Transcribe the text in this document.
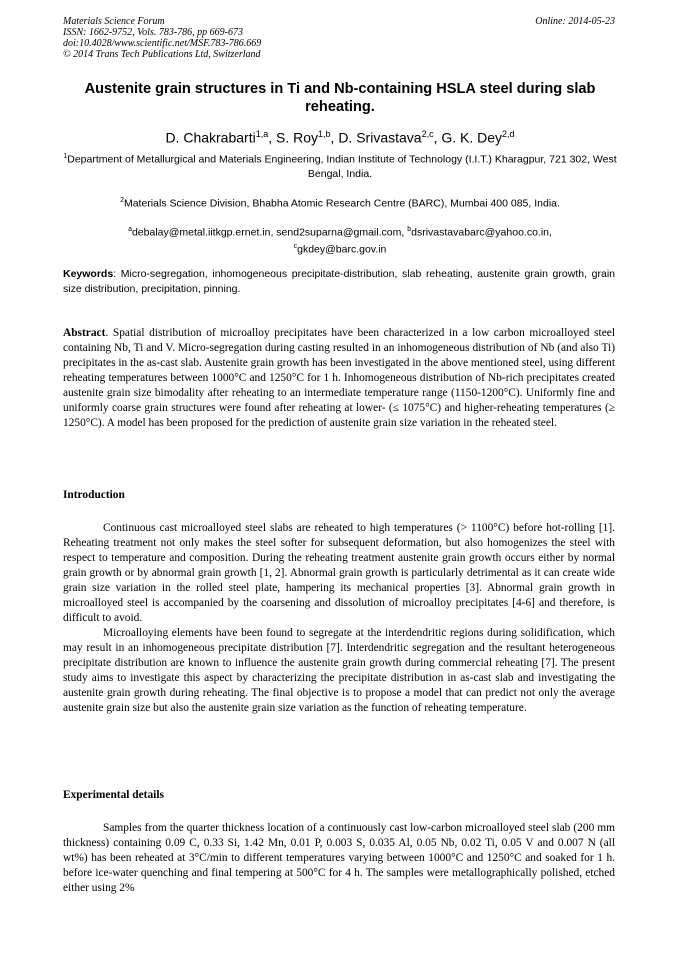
Materials Science Forum
ISSN: 1662-9752, Vols. 783-786, pp 669-673
doi:10.4028/www.scientific.net/MSF.783-786.669
© 2014 Trans Tech Publications Ltd, Switzerland
Online: 2014-05-23
Austenite grain structures in Ti and Nb-containing HSLA steel during slab reheating.
D. Chakrabarti$^{1,a}$, S. Roy$^{1,b}$, D. Srivastava$^{2,c}$, G. K. Dey$^{2,d}$
$^1$Department of Metallurgical and Materials Engineering, Indian Institute of Technology (I.I.T.) Kharagpur, 721 302, West Bengal, India.
$^2$Materials Science Division, Bhabha Atomic Research Centre (BARC), Mumbai 400 085, India.
$^a$debalay@metal.iitkgp.ernet.in, send2suparna@gmail.com, $^b$dsrivastavabarc@yahoo.co.in,
$^c$gkdey@barc.gov.in
Keywords: Micro-segregation, inhomogeneous precipitate-distribution, slab reheating, austenite grain growth, grain size distribution, precipitation, pinning.
Abstract. Spatial distribution of microalloy precipitates have been characterized in a low carbon microalloyed steel containing Nb, Ti and V. Micro-segregation during casting resulted in an inhomogeneous distribution of Nb (and also Ti) precipitates in the as-cast slab. Austenite grain growth has been investigated in the above mentioned steel, using different reheating temperatures between 1000°C and 1250°C for 1 h. Inhomogeneous distribution of Nb-rich precipitates created austenite grain size bimodality after reheating to an intermediate temperature range (1150-1200°C). Uniformly fine and uniformly coarse grain structures were found after reheating at lower- (≤ 1075°C) and higher-reheating temperatures (≥ 1250°C). A model has been proposed for the prediction of austenite grain size variation in the reheated steel.
Introduction

Continuous cast microalloyed steel slabs are reheated to high temperatures (> 1100°C) before hot-rolling [1]. Reheating treatment not only makes the steel softer for subsequent deformation, but also homogenizes the steel with respect to temperature and composition. During the reheating treatment austenite grain growth occurs either by normal grain growth or by abnormal grain growth [1, 2]. Abnormal grain growth is particularly detrimental as it can create wide grain size variation in the rolled steel plate, hampering its mechanical properties [3]. Abnormal grain growth in microalloyed steel is accompanied by the coarsening and dissolution of microalloy precipitates [4-6] and therefore, is difficult to avoid.

Microalloying elements have been found to segregate at the interdendritic regions during solidification, which may result in an inhomogeneous precipitate distribution [7]. Interdendritic segregation and the resultant heterogeneous precipitate distribution are known to influence the austenite grain growth during commercial reheating [7]. The present study aims to investigate this aspect by characterizing the precipitate distribution in as-cast slab and investigating the austenite grain growth during reheating. The final objective is to propose a model that can predict not only the average austenite grain size but also the austenite grain size variation as the function of reheating temperature.

Experimental details

Samples from the quarter thickness location of a continuously cast low-carbon microalloyed steel slab (200 mm thickness) containing 0.09 C, 0.33 Si, 1.42 Mn, 0.01 P, 0.003 S, 0.035 Al, 0.05 Nb, 0.02 Ti, 0.05 V and 0.007 N (all wt%) has been reheated at 3°C/min to different temperatures varying between 1000°C and 1250°C and soaked for 1 h. before ice-water quenching and final tempering at 500°C for 4 h. The samples were metallographically polished, etched either using 2%
